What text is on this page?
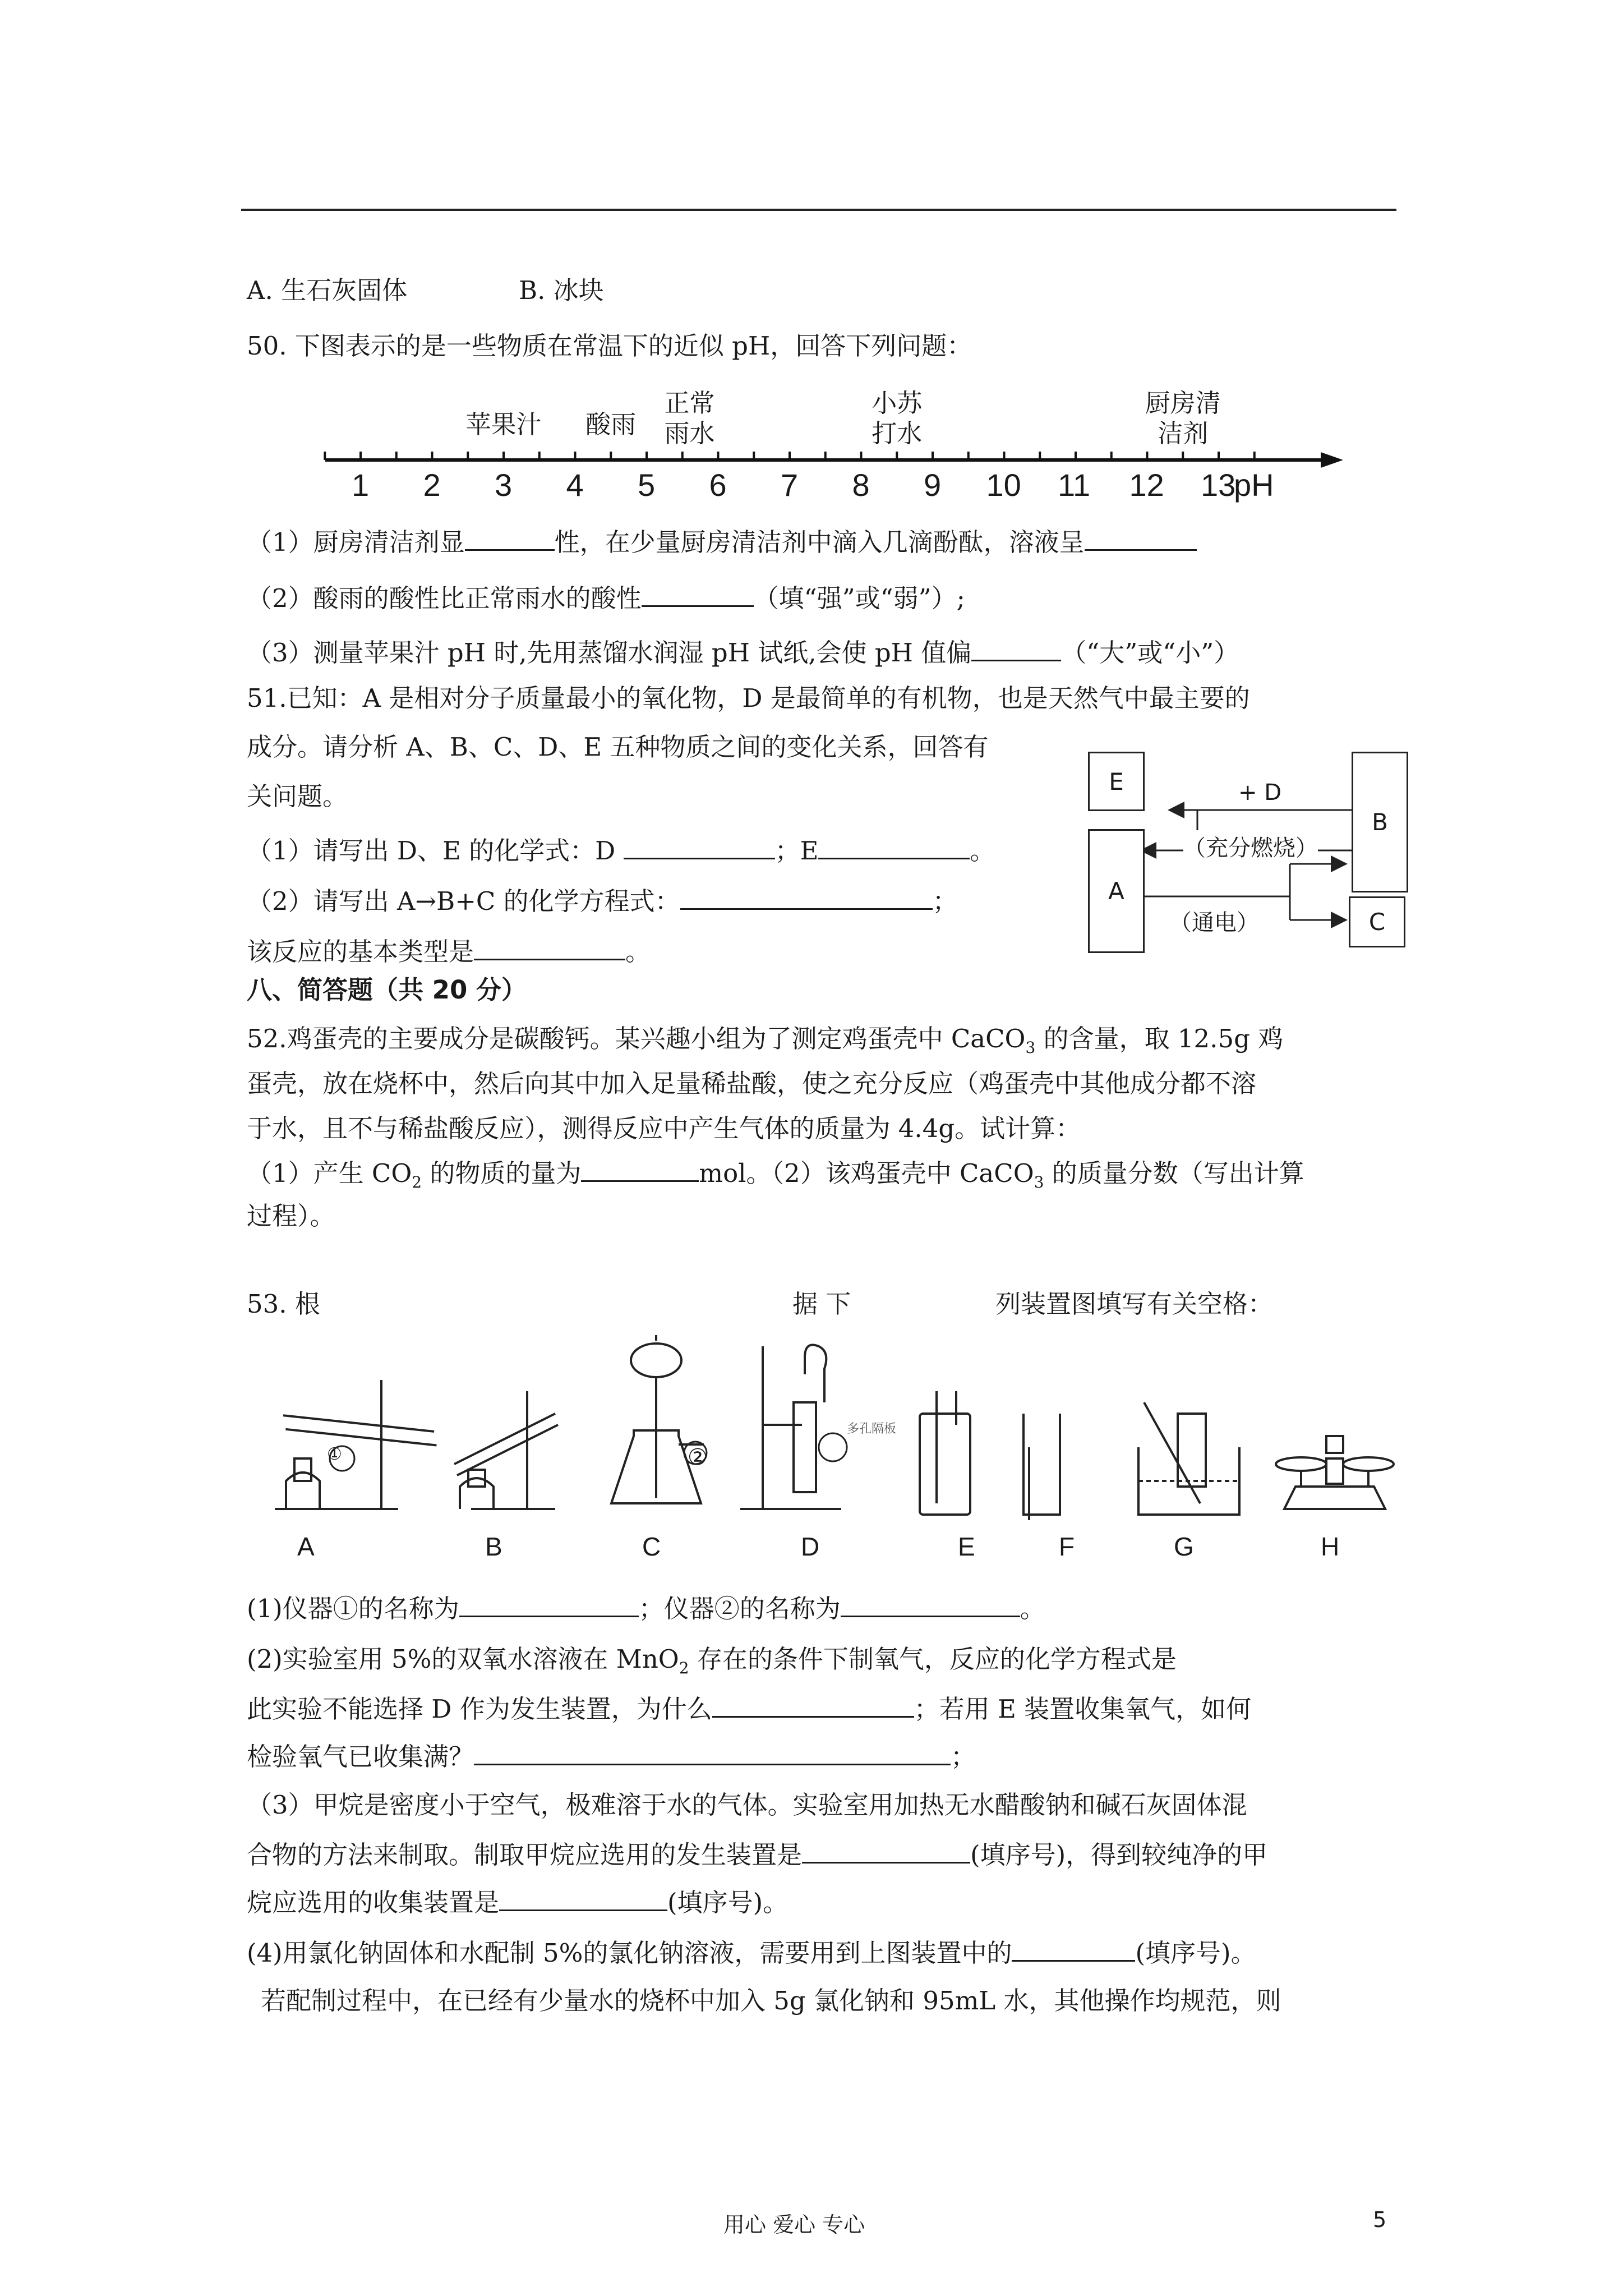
A. 生石灰固体	B. 冰块
50. 下图表示的是一些物质在常温下的近似 pH，回答下列问题：
1 2 3 4 5 6 7 8 9 10 11 12 13
pH
苹果汁 酸雨
正常
雨水
小苏
打水
厨房清
洁剂
（1）厨房清洁剂显	性，在少量厨房清洁剂中滴入几滴酚酞，溶液呈
（2）酸雨的酸性比正常雨水的酸性	（填“强”或“弱”）;
（3）测量苹果汁 pH 时,先用蒸馏水润湿 pH 试纸,会使 pH 值偏	（“大”或“小”）
51.已知：A 是相对分子质量最小的氧化物，D 是最简单的有机物，也是天然气中最主要的
成分。请分析 A、B、C、D、E 五种物质之间的变化关系，回答有
关问题。
（1）请写出 D、E 的化学式：D	；E	。
（2）请写出 A→B+C 的化学方程式：	；
该反应的基本类型是	。
E
B
A
C
+ D
（充分燃烧）
（通电）
八、简答题（共 20 分）
52.鸡蛋壳的主要成分是碳酸钙。某兴趣小组为了测定鸡蛋壳中 CaCO$_3$ 的含量，取 12.5g 鸡
蛋壳，放在烧杯中，然后向其中加入足量稀盐酸，使之充分反应（鸡蛋壳中其他成分都不溶
于水，且不与稀盐酸反应），测得反应中产生气体的质量为 4.4g。试计算：
（1）产生 $CO_2$ 的物质的量为	mol。（2）该鸡蛋壳中 CaCO$_3$ 的质量分数（写出计算
过程）。
53. 根	据 下	列装置图填写有关空格：
①	②
多孔隔板
A	B	C	D	E	F	G	H
(1)仪器①的名称为	；仪器②的名称为	。
(2)实验室用 5%的双氧水溶液在 MnO$_2$ 存在的条件下制氧气，反应的化学方程式是
此实验不能选择 D 作为发生装置，为什么	；若用 E 装置收集氧气，如何
检验氧气已收集满？	；
（3）甲烷是密度小于空气，极难溶于水的气体。实验室用加热无水醋酸钠和碱石灰固体混
合物的方法来制取。制取甲烷应选用的发生装置是	(填序号)，得到较纯净的甲
烷应选用的收集装置是	(填序号)。
(4)用氯化钠固体和水配制 5%的氯化钠溶液，需要用到上图装置中的	(填序号)。
若配制过程中，在已经有少量水的烧杯中加入 5g 氯化钠和 95mL 水，其他操作均规范，则
用心 爱心 专心	5
